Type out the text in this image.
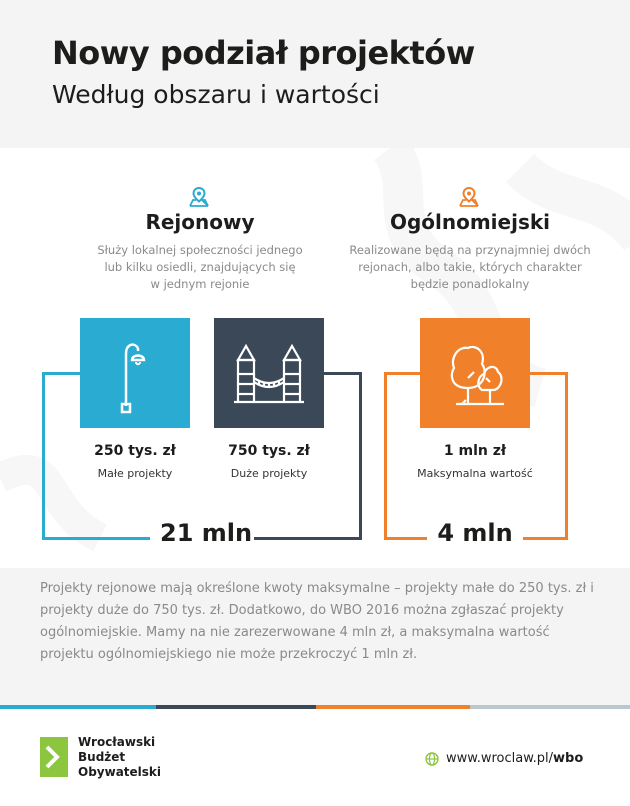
Nowy podział projektów
Według obszaru i wartości
Rejonowy
Służy lokalnej społeczności jednego
lub kilku osiedli, znajdujących się
w jednym rejonie
250 tys. zł
Małe projekty
750 tys. zł
Duże projekty
21 mln
Ogólnomiejski
Realizowane będą na przynajmniej dwóch
rejonach, albo takie, których charakter
będzie ponadlokalny
1 mln zł
Maksymalna wartość
4 mln
Projekty rejonowe mają określone kwoty maksymalne – projekty małe do 250 tys. zł i projekty duże do 750 tys. zł. Dodatkowo, do WBO 2016 można zgłaszać projekty ogólnomiejskie. Mamy na nie zarezerwowane 4 mln zł, a maksymalna wartość projektu ogólnomiejskiego nie może przekroczyć 1 mln zł.
Wrocławski
Budżet
Obywatelski
www.wroclaw.pl/wbo
